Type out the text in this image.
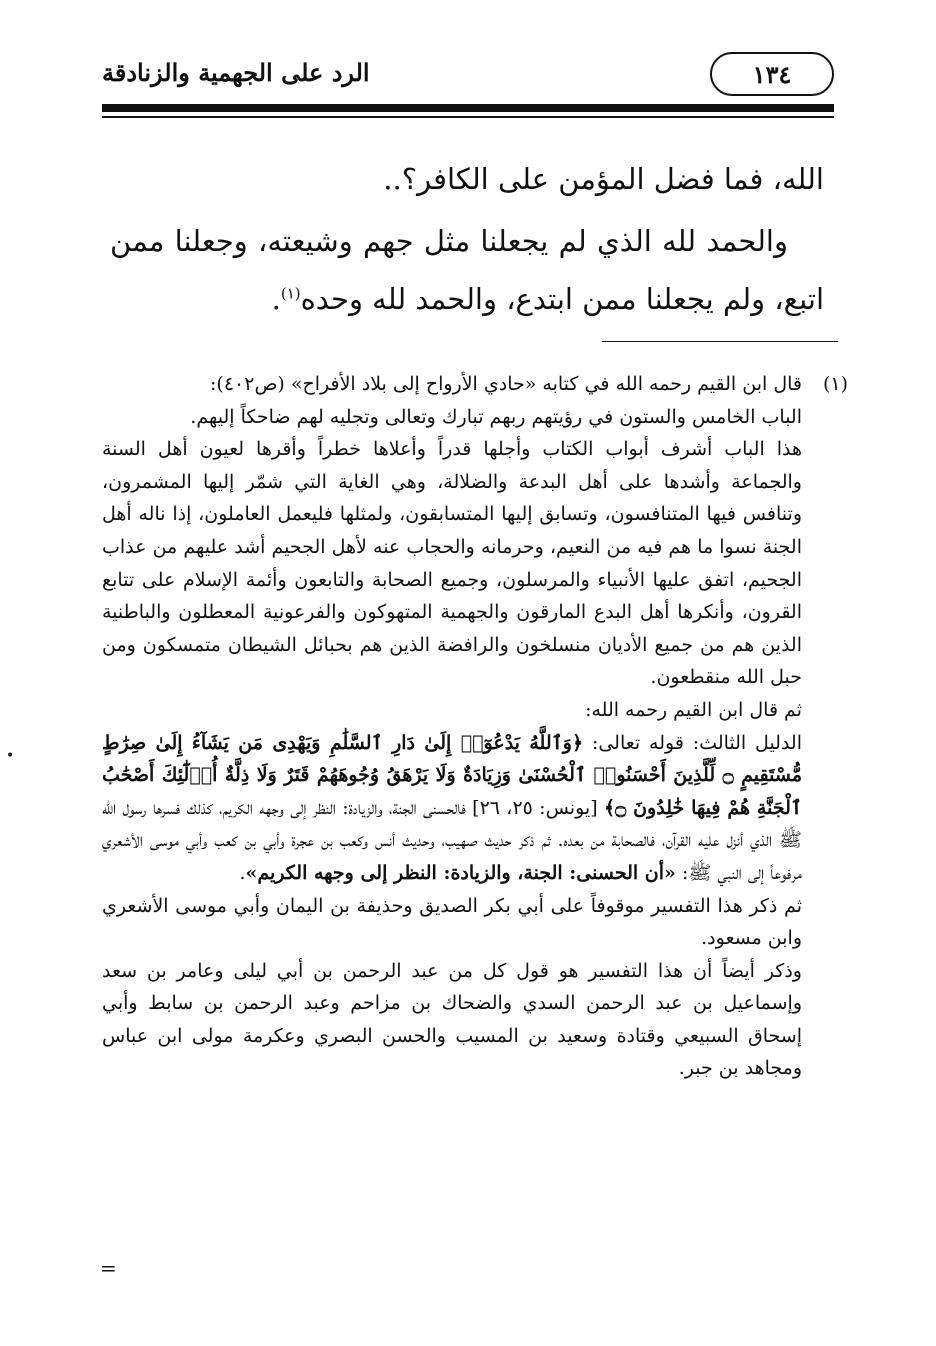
١٣٤
الرد على الجهمية والزنادقة

الله، فما فضل المؤمن على الكافر؟..

والحمد لله الذي لم يجعلنا مثل جهم وشيعته، وجعلنا ممن اتبع، ولم يجعلنا ممن ابتدع، والحمد لله وحده$^{(١)}$.

(١)

قال ابن القيم رحمه الله في كتابه «حادي الأرواح إلى بلاد الأفراح» (ص٤٠٢):

الباب الخامس والستون في رؤيتهم ربهم تبارك وتعالى وتجليه لهم ضاحكاً إليهم.

هذا الباب أشرف أبواب الكتاب وأجلها قدراً وأعلاها خطراً وأقرها لعيون أهل السنة والجماعة وأشدها على أهل البدعة والضلالة، وهي الغاية التي شمّر إليها المشمرون، وتنافس فيها المتنافسون، وتسابق إليها المتسابقون، ولمثلها فليعمل العاملون، إذا ناله أهل الجنة نسوا ما هم فيه من النعيم، وحرمانه والحجاب عنه لأهل الجحيم أشد عليهم من عذاب الجحيم، اتفق عليها الأنبياء والمرسلون، وجميع الصحابة والتابعون وأئمة الإسلام على تتابع القرون، وأنكرها أهل البدع المارقون والجهمية المتهوكون والفرعونية المعطلون والباطنية الذين هم من جميع الأديان منسلخون والرافضة الذين هم بحبائل الشيطان متمسكون ومن حبل الله منقطعون.

ثم قال ابن القيم رحمه الله:

الدليل الثالث: قوله تعالى: ﴿وَٱللَّهُ يَدْعُوٓا۟ إِلَىٰ دَارِ ٱلسَّلَٰمِ وَيَهْدِى مَن يَشَآءُ إِلَىٰ صِرَٰطٍ مُّسْتَقِيمٍ ۝ لِّلَّذِينَ أَحْسَنُوا۟ ٱلْحُسْنَىٰ وَزِيَادَةٌ وَلَا يَرْهَقُ وُجُوهَهُمْ قَتَرٌ وَلَا ذِلَّةٌ أُو۟لَٰٓئِكَ أَصْحَٰبُ ٱلْجَنَّةِ هُمْ فِيهَا خَٰلِدُونَ ۝﴾ [يونس: ٢٥، ٢٦] فالحسنى الجنة، والزيادة: النظر إلى وجهه الكريم، كذلك فسرها رسول الله ﷺ الذي أنزل عليه القرآن، فالصحابة من بعده. ثم ذكر حديث صهيب، وحديث أنس وكعب بن عجرة وأبي بن كعب وأبي موسى الأشعري مرفوعاً إلى النبي ﷺ: «أن الحسنى: الجنة، والزيادة: النظر إلى وجهه الكريم».

ثم ذكر هذا التفسير موقوفاً على أبي بكر الصديق وحذيفة بن اليمان وأبي موسى الأشعري وابن مسعود.

وذكر أيضاً أن هذا التفسير هو قول كل من عبد الرحمن بن أبي ليلى وعامر بن سعد وإسماعيل بن عبد الرحمن السدي والضحاك بن مزاحم وعبد الرحمن بن سابط وأبي إسحاق السبيعي وقتادة وسعيد بن المسيب والحسن البصري وعكرمة مولى ابن عباس ومجاهد بن جبر.

=
•
